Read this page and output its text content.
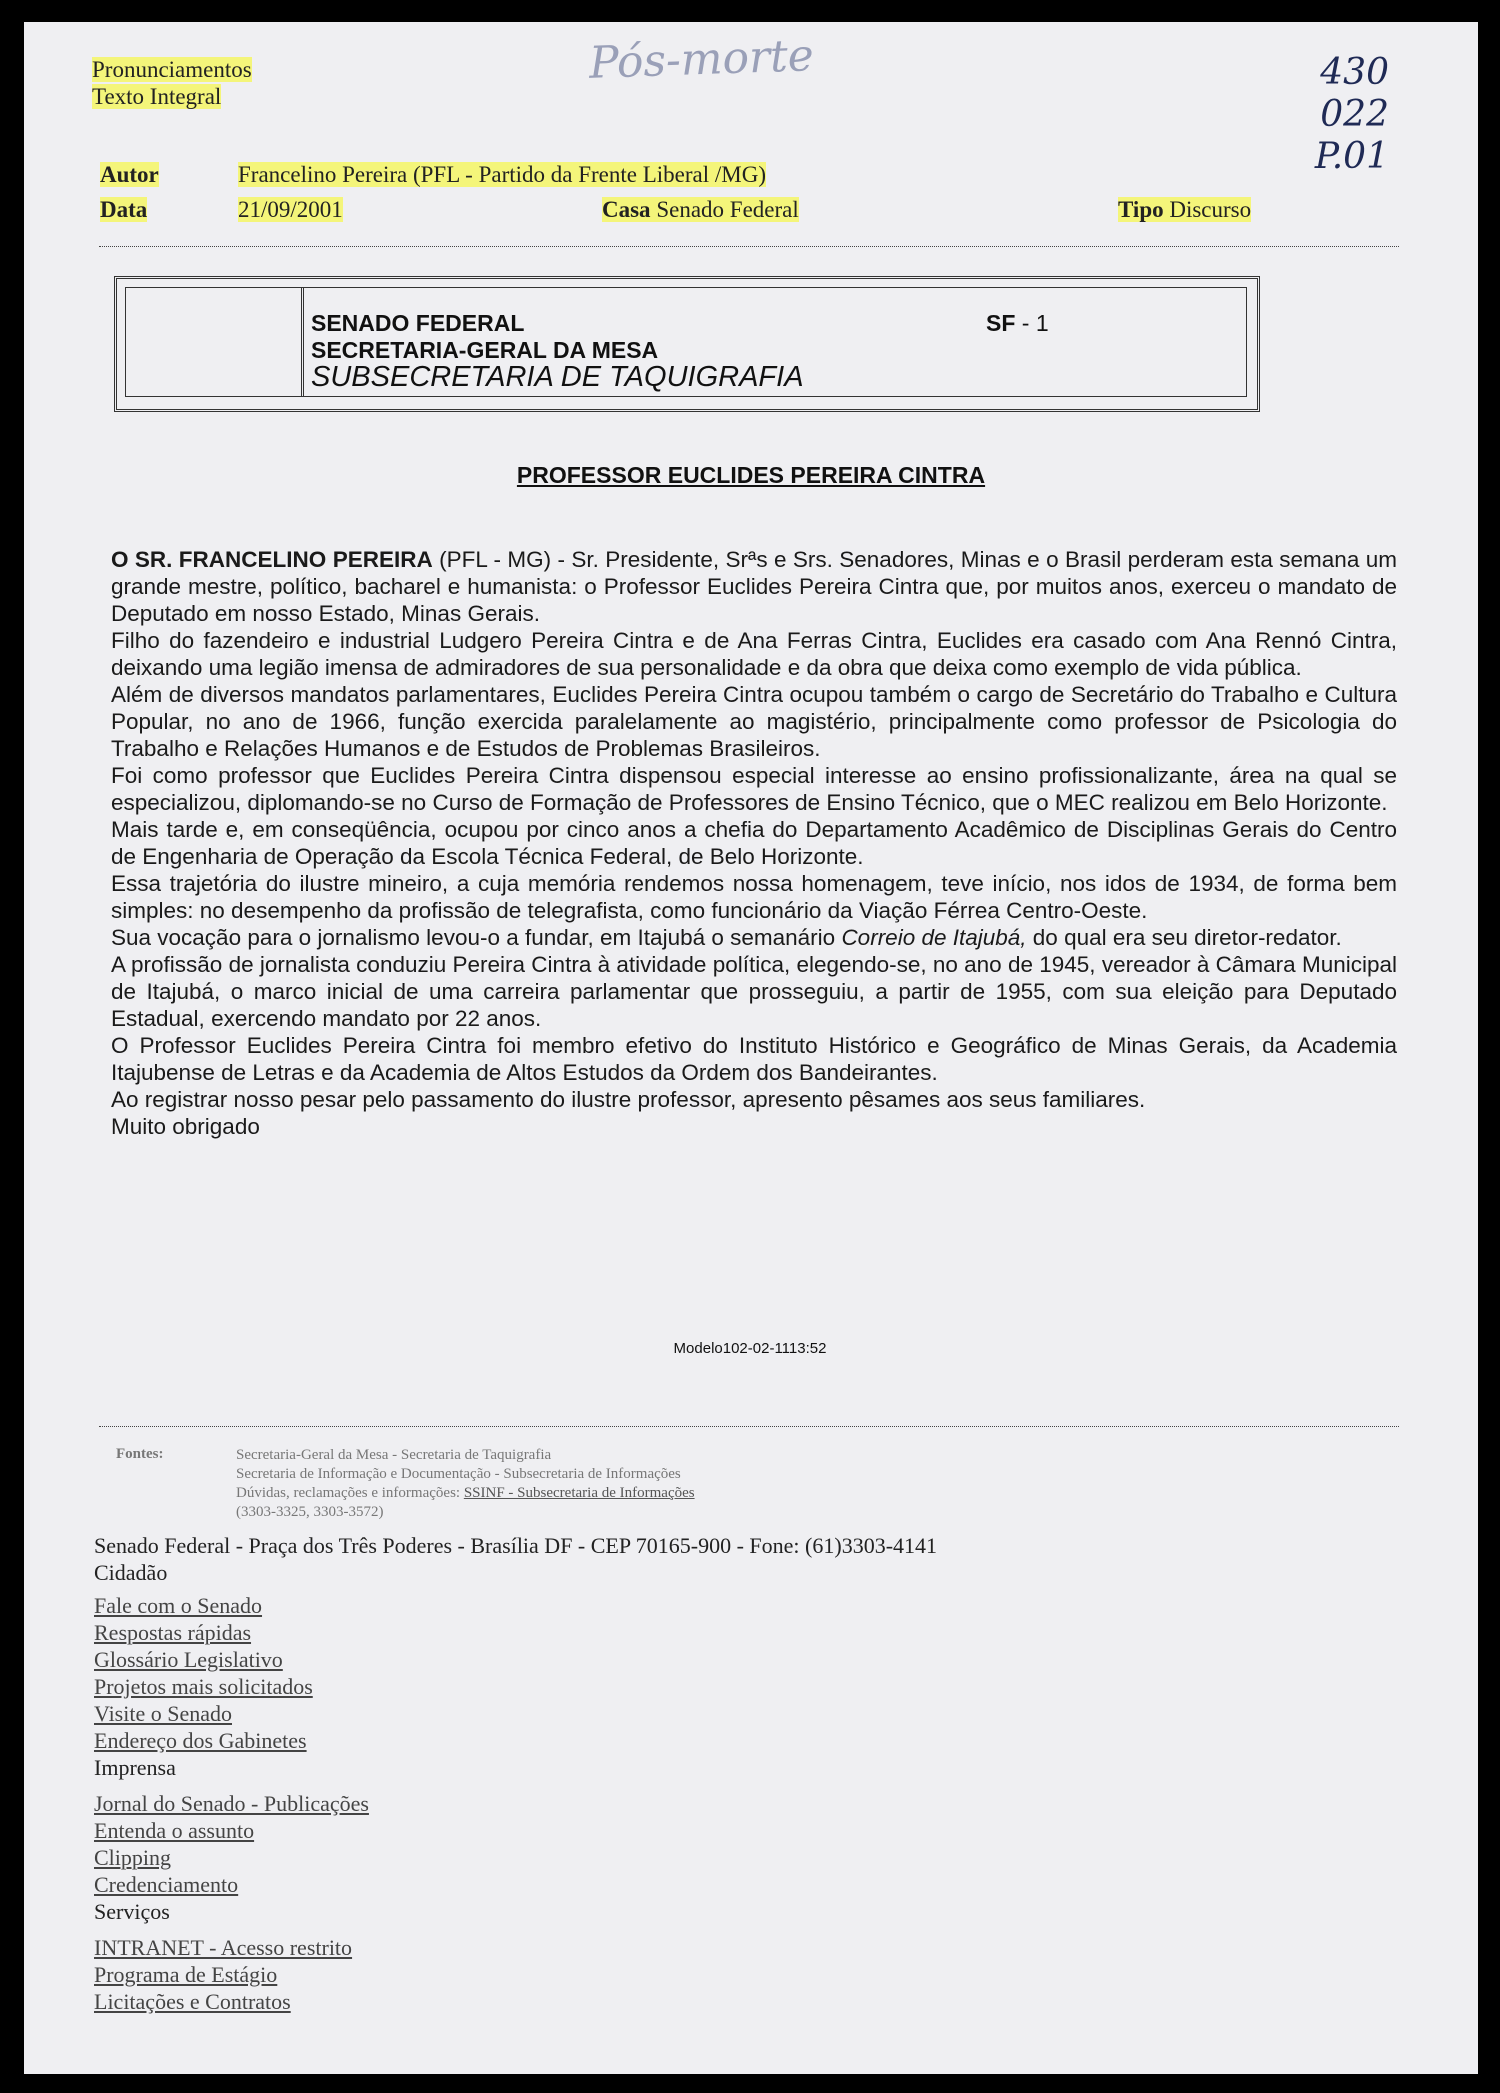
Pronunciamentos
Texto Integral
Pós-morte	430
022
P.01
Autor	Francelino Pereira (PFL - Partido da Frente Liberal /MG)
Data	21/09/2001	Casa Senado Federal	Tipo Discurso
SENADO FEDERAL
SECRETARIA-GERAL DA MESA
SUBSECRETARIA DE TAQUIGRAFIA
SF - 1
PROFESSOR EUCLIDES PEREIRA CINTRA

O SR. FRANCELINO PEREIRA (PFL - MG) - Sr. Presidente, Srªs e Srs. Senadores, Minas e o Brasil perderam esta semana um grande mestre, político, bacharel e humanista: o Professor Euclides Pereira Cintra que, por muitos anos, exerceu o mandato de Deputado em nosso Estado, Minas Gerais.

Filho do fazendeiro e industrial Ludgero Pereira Cintra e de Ana Ferras Cintra, Euclides era casado com Ana Rennó Cintra, deixando uma legião imensa de admiradores de sua personalidade e da obra que deixa como exemplo de vida pública.

Além de diversos mandatos parlamentares, Euclides Pereira Cintra ocupou também o cargo de Secretário do Trabalho e Cultura Popular, no ano de 1966, função exercida paralelamente ao magistério, principalmente como professor de Psicologia do Trabalho e Relações Humanos e de Estudos de Problemas Brasileiros.

Foi como professor que Euclides Pereira Cintra dispensou especial interesse ao ensino profissionalizante, área na qual se especializou, diplomando-se no Curso de Formação de Professores de Ensino Técnico, que o MEC realizou em Belo Horizonte.

Mais tarde e, em conseqüência, ocupou por cinco anos a chefia do Departamento Acadêmico de Disciplinas Gerais do Centro de Engenharia de Operação da Escola Técnica Federal, de Belo Horizonte.

Essa trajetória do ilustre mineiro, a cuja memória rendemos nossa homenagem, teve início, nos idos de 1934, de forma bem simples: no desempenho da profissão de telegrafista, como funcionário da Viação Férrea Centro-Oeste.

Sua vocação para o jornalismo levou-o a fundar, em Itajubá o semanário Correio de Itajubá, do qual era seu diretor-redator.

A profissão de jornalista conduziu Pereira Cintra à atividade política, elegendo-se, no ano de 1945, vereador à Câmara Municipal de Itajubá, o marco inicial de uma carreira parlamentar que prosseguiu, a partir de 1955, com sua eleição para Deputado Estadual, exercendo mandato por 22 anos.

O Professor Euclides Pereira Cintra foi membro efetivo do Instituto Histórico e Geográfico de Minas Gerais, da Academia Itajubense de Letras e da Academia de Altos Estudos da Ordem dos Bandeirantes.

Ao registrar nosso pesar pelo passamento do ilustre professor, apresento pêsames aos seus familiares.

Muito obrigado

Modelo102-02-1113:52
Fontes:	Secretaria-Geral da Mesa - Secretaria de Taquigrafia
Secretaria de Informação e Documentação - Subsecretaria de Informações
Dúvidas, reclamações e informações: SSINF - Subsecretaria de Informações
(3303-3325, 3303-3572)
Senado Federal - Praça dos Três Poderes - Brasília DF - CEP 70165-900 - Fone: (61)3303-4141
Cidadão
Fale com o Senado
Respostas rápidas
Glossário Legislativo
Projetos mais solicitados
Visite o Senado
Endereço dos Gabinetes
Imprensa
Jornal do Senado - Publicações
Entenda o assunto
Clipping
Credenciamento
Serviços
INTRANET - Acesso restrito
Programa de Estágio
Licitações e Contratos
